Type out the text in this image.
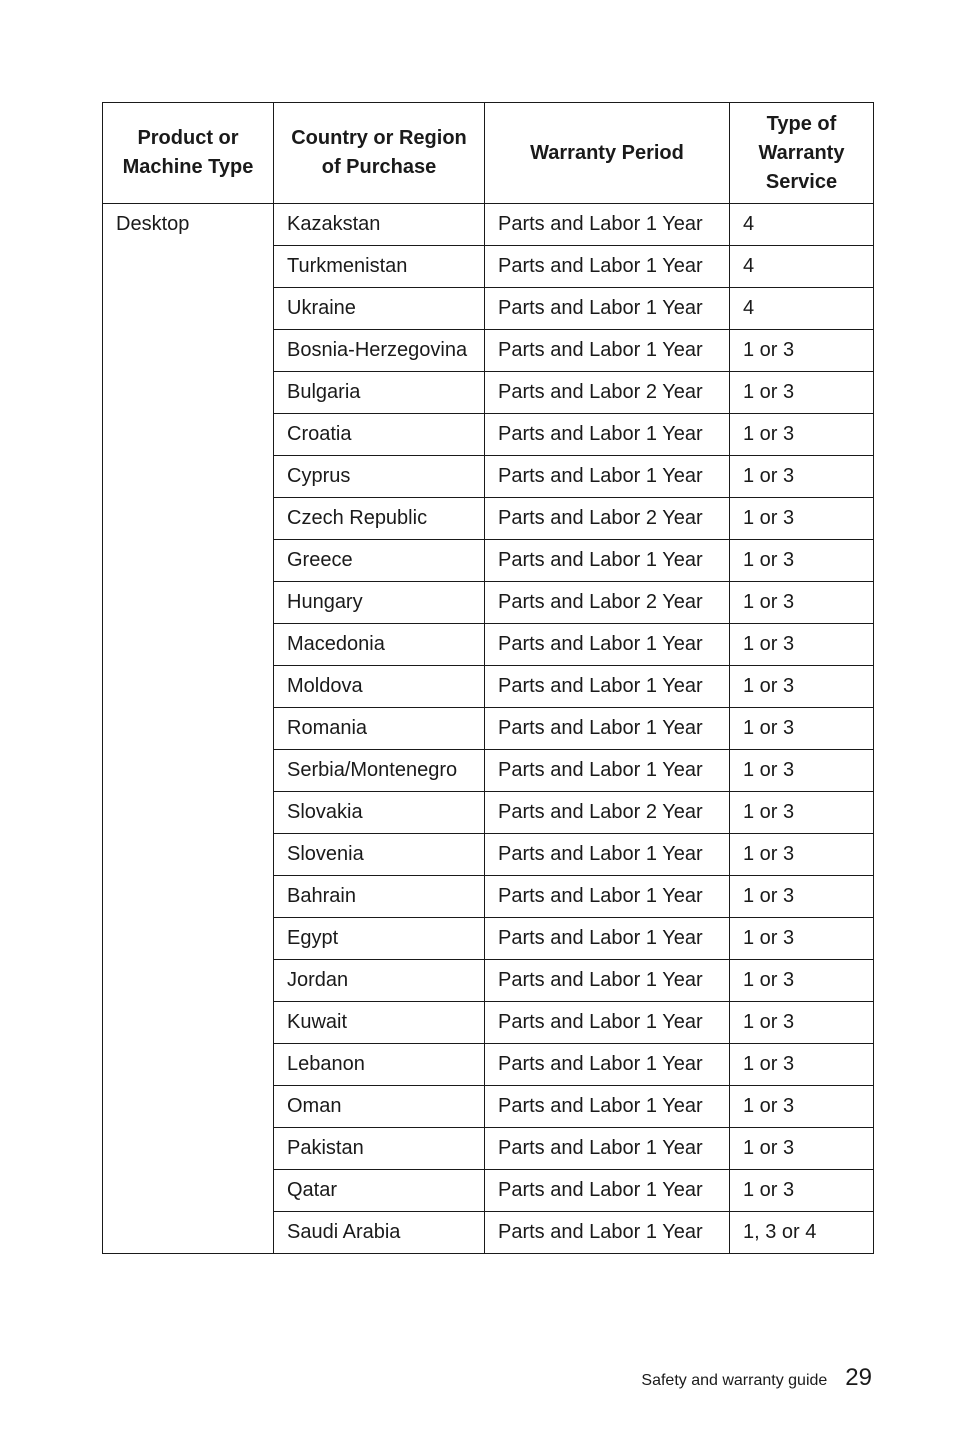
Product or Machine Type	Country or Region of Purchase	Warranty Period	Type of Warranty Service
Desktop	Kazakstan	Parts and Labor 1 Year	4
	Turkmenistan	Parts and Labor 1 Year	4
	Ukraine	Parts and Labor 1 Year	4
	Bosnia-Herzegovina	Parts and Labor 1 Year	1 or 3
	Bulgaria	Parts and Labor 2 Year	1 or 3
	Croatia	Parts and Labor 1 Year	1 or 3
	Cyprus	Parts and Labor 1 Year	1 or 3
	Czech Republic	Parts and Labor 2 Year	1 or 3
	Greece	Parts and Labor 1 Year	1 or 3
	Hungary	Parts and Labor 2 Year	1 or 3
	Macedonia	Parts and Labor 1 Year	1 or 3
	Moldova	Parts and Labor 1 Year	1 or 3
	Romania	Parts and Labor 1 Year	1 or 3
	Serbia/Montenegro	Parts and Labor 1 Year	1 or 3
	Slovakia	Parts and Labor 2 Year	1 or 3
	Slovenia	Parts and Labor 1 Year	1 or 3
	Bahrain	Parts and Labor 1 Year	1 or 3
	Egypt	Parts and Labor 1 Year	1 or 3
	Jordan	Parts and Labor 1 Year	1 or 3
	Kuwait	Parts and Labor 1 Year	1 or 3
	Lebanon	Parts and Labor 1 Year	1 or 3
	Oman	Parts and Labor 1 Year	1 or 3
	Pakistan	Parts and Labor 1 Year	1 or 3
	Qatar	Parts and Labor 1 Year	1 or 3
	Saudi Arabia	Parts and Labor 1 Year	1, 3 or 4
Safety and warranty guide 29
